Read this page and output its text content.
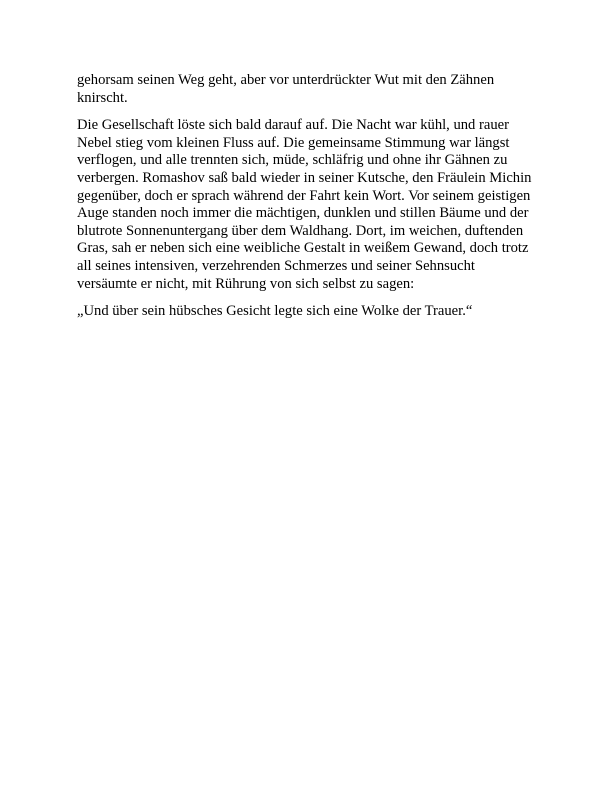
gehorsam seinen Weg geht, aber vor unterdrückter Wut mit den Zähnen knirscht.

Die Gesellschaft löste sich bald darauf auf. Die Nacht war kühl, und rauer Nebel stieg vom kleinen Fluss auf. Die gemeinsame Stimmung war längst verflogen, und alle trennten sich, müde, schläfrig und ohne ihr Gähnen zu verbergen. Romashov saß bald wieder in seiner Kutsche, den Fräulein Michin gegenüber, doch er sprach während der Fahrt kein Wort. Vor seinem geistigen Auge standen noch immer die mächtigen, dunklen und stillen Bäume und der blutrote Sonnenuntergang über dem Waldhang. Dort, im weichen, duftenden Gras, sah er neben sich eine weibliche Gestalt in weißem Gewand, doch trotz all seines intensiven, verzehrenden Schmerzes und seiner Sehnsucht versäumte er nicht, mit Rührung von sich selbst zu sagen:

„Und über sein hübsches Gesicht legte sich eine Wolke der Trauer.“
